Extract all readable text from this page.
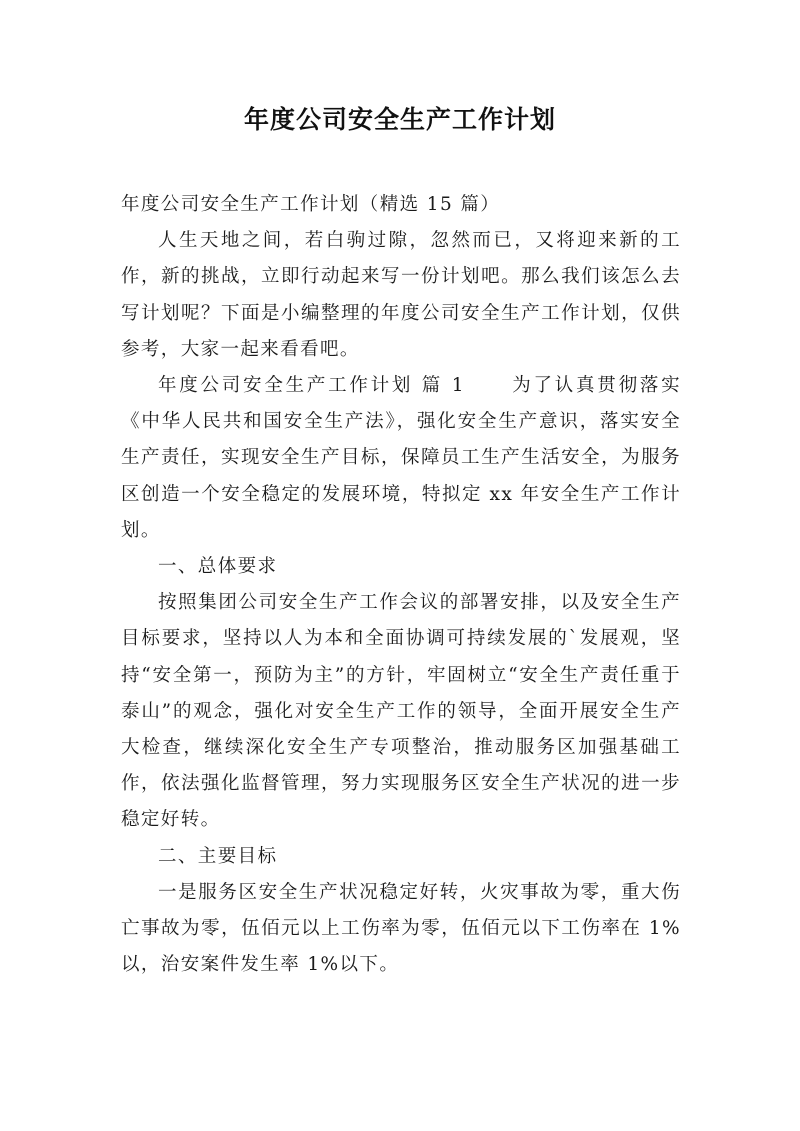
年度公司安全生产工作计划

年度公司安全生产工作计划（精选 15 篇）

人生天地之间，若白驹过隙，忽然而已，又将迎来新的工作，新的挑战，立即行动起来写一份计划吧。那么我们该怎么去写计划呢？下面是小编整理的年度公司安全生产工作计划，仅供参考，大家一起来看看吧。

年度公司安全生产工作计划 篇 1 为了认真贯彻落实《中华人民共和国安全生产法》，强化安全生产意识，落实安全生产责任，实现安全生产目标，保障员工生产生活安全，为服务区创造一个安全稳定的发展环境，特拟定 xx 年安全生产工作计划。

一、总体要求

按照集团公司安全生产工作会议的部署安排，以及安全生产目标要求，坚持以人为本和全面协调可持续发展的`发展观，坚持“安全第一，预防为主”的方针，牢固树立“安全生产责任重于泰山”的观念，强化对安全生产工作的领导，全面开展安全生产大检查，继续深化安全生产专项整治，推动服务区加强基础工作，依法强化监督管理，努力实现服务区安全生产状况的进一步稳定好转。

二、主要目标

一是服务区安全生产状况稳定好转，火灾事故为零，重大伤亡事故为零，伍佰元以上工伤率为零，伍佰元以下工伤率在 1%以，治安案件发生率 1%以下。
